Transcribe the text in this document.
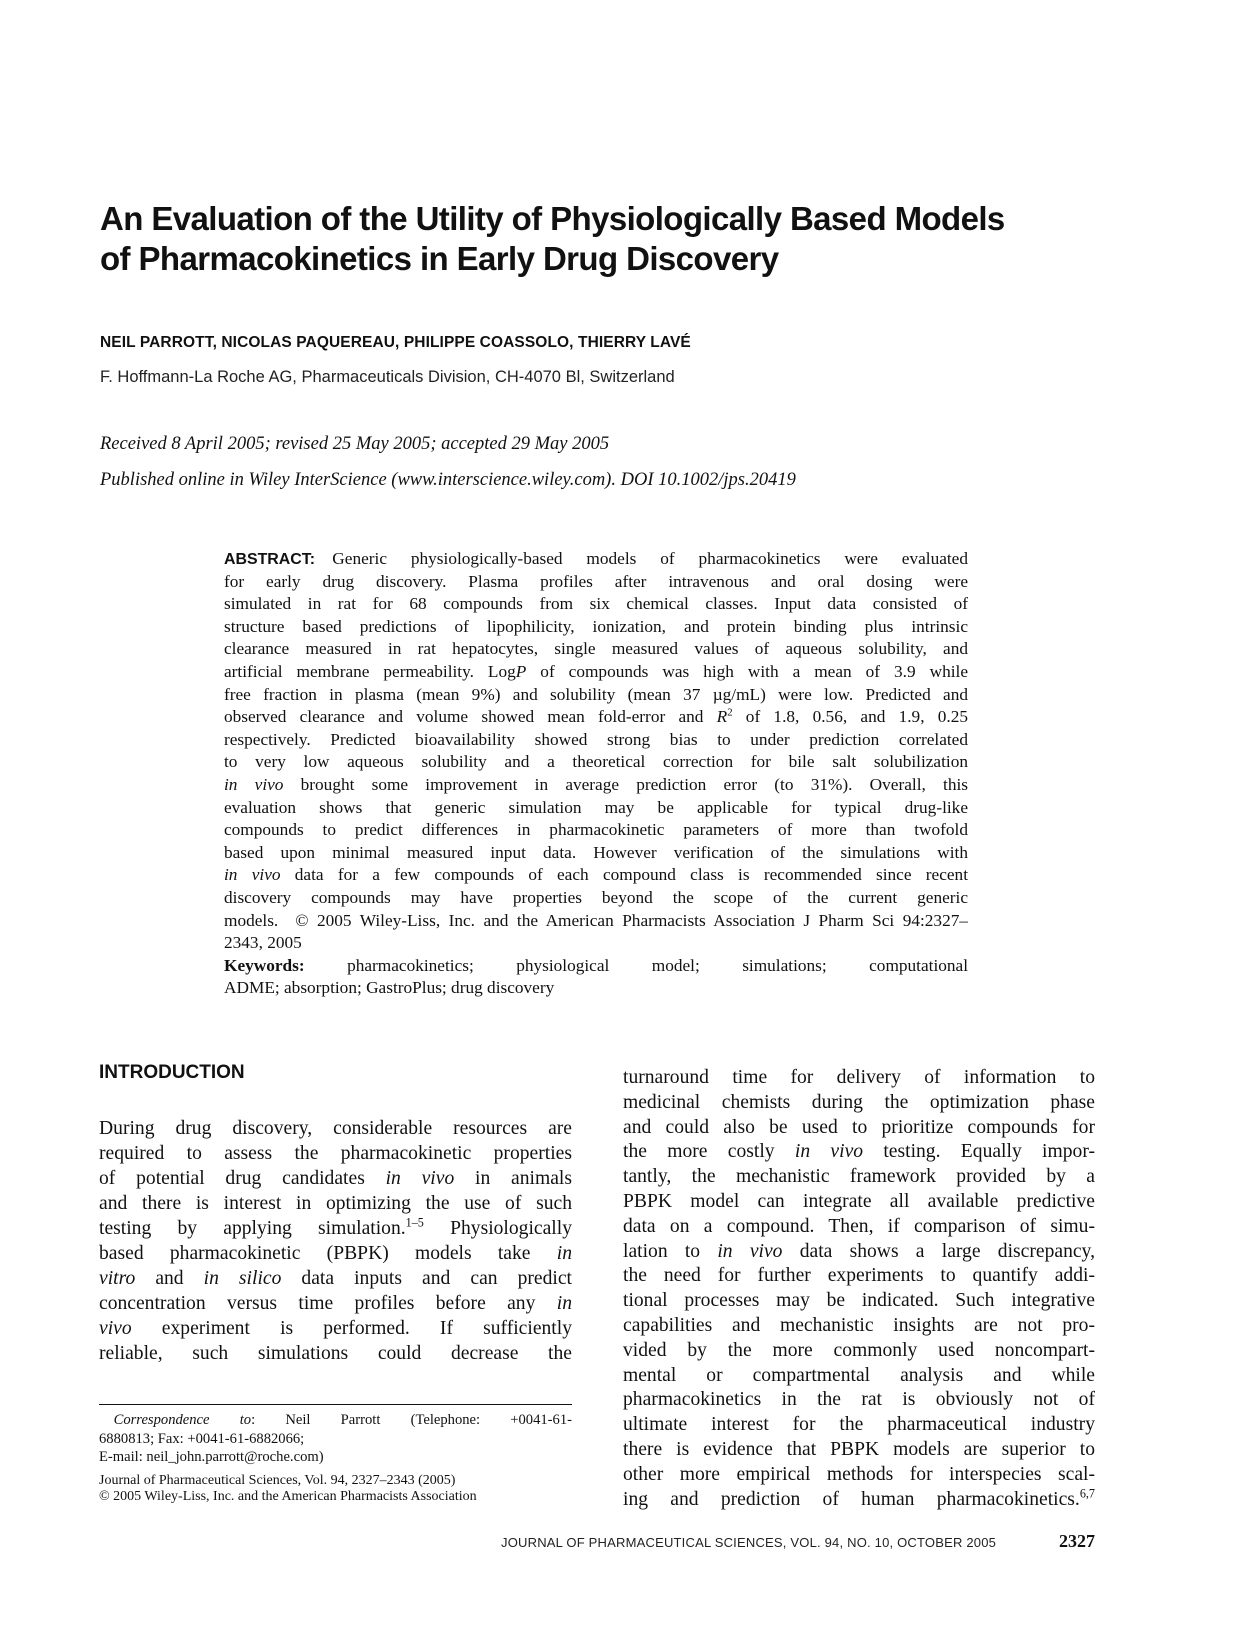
An Evaluation of the Utility of Physiologically Based Models
of Pharmacokinetics in Early Drug Discovery
NEIL PARROTT, NICOLAS PAQUEREAU, PHILIPPE COASSOLO, THIERRY LAVÉ
F. Hoffmann-La Roche AG, Pharmaceuticals Division, CH-4070 Bl, Switzerland
Received 8 April 2005; revised 25 May 2005; accepted 29 May 2005
Published online in Wiley InterScience (www.interscience.wiley.com). DOI 10.1002/jps.20419
ABSTRACT: Generic physiologically-based models of pharmacokinetics were evaluated
for early drug discovery. Plasma profiles after intravenous and oral dosing were
simulated in rat for 68 compounds from six chemical classes. Input data consisted of
structure based predictions of lipophilicity, ionization, and protein binding plus intrinsic
clearance measured in rat hepatocytes, single measured values of aqueous solubility, and
artificial membrane permeability. LogP of compounds was high with a mean of 3.9 while
free fraction in plasma (mean 9%) and solubility (mean 37 µg/mL) were low. Predicted and
observed clearance and volume showed mean fold-error and $R^2$ of 1.8, 0.56, and 1.9, 0.25
respectively. Predicted bioavailability showed strong bias to under prediction correlated
to very low aqueous solubility and a theoretical correction for bile salt solubilization
in vivo brought some improvement in average prediction error (to 31%). Overall, this
evaluation shows that generic simulation may be applicable for typical drug-like
compounds to predict differences in pharmacokinetic parameters of more than twofold
based upon minimal measured input data. However verification of the simulations with
in vivo data for a few compounds of each compound class is recommended since recent
discovery compounds may have properties beyond the scope of the current generic
models.  © 2005 Wiley-Liss, Inc. and the American Pharmacists Association J Pharm Sci 94:2327–
2343, 2005
Keywords: pharmacokinetics; physiological model; simulations; computational
ADME; absorption; GastroPlus; drug discovery
INTRODUCTION
During drug discovery, considerable resources are
required to assess the pharmacokinetic properties
of potential drug candidates in vivo in animals
and there is interest in optimizing the use of such
testing by applying simulation.$^{1-5}$ Physiologically
based pharmacokinetic (PBPK) models take in
vitro and in silico data inputs and can predict
concentration versus time profiles before any in
vivo experiment is performed. If sufficiently
reliable, such simulations could decrease the
turnaround time for delivery of information to
medicinal chemists during the optimization phase
and could also be used to prioritize compounds for
the more costly in vivo testing. Equally impor-
tantly, the mechanistic framework provided by a
PBPK model can integrate all available predictive
data on a compound. Then, if comparison of simu-
lation to in vivo data shows a large discrepancy,
the need for further experiments to quantify addi-
tional processes may be indicated. Such integrative
capabilities and mechanistic insights are not pro-
vided by the more commonly used noncompart-
mental or compartmental analysis and while
pharmacokinetics in the rat is obviously not of
ultimate interest for the pharmaceutical industry
there is evidence that PBPK models are superior to
other more empirical methods for interspecies scal-
ing and prediction of human pharmacokinetics.$^{6,7}$
 Correspondence to: Neil Parrott (Telephone: +0041-61-
6880813; Fax: +0041-61-6882066;
E-mail: neil_john.parrott@roche.com)
Journal of Pharmaceutical Sciences, Vol. 94, 2327–2343 (2005)
© 2005 Wiley-Liss, Inc. and the American Pharmacists Association
JOURNAL OF PHARMACEUTICAL SCIENCES, VOL. 94, NO. 10, OCTOBER 2005	2327
